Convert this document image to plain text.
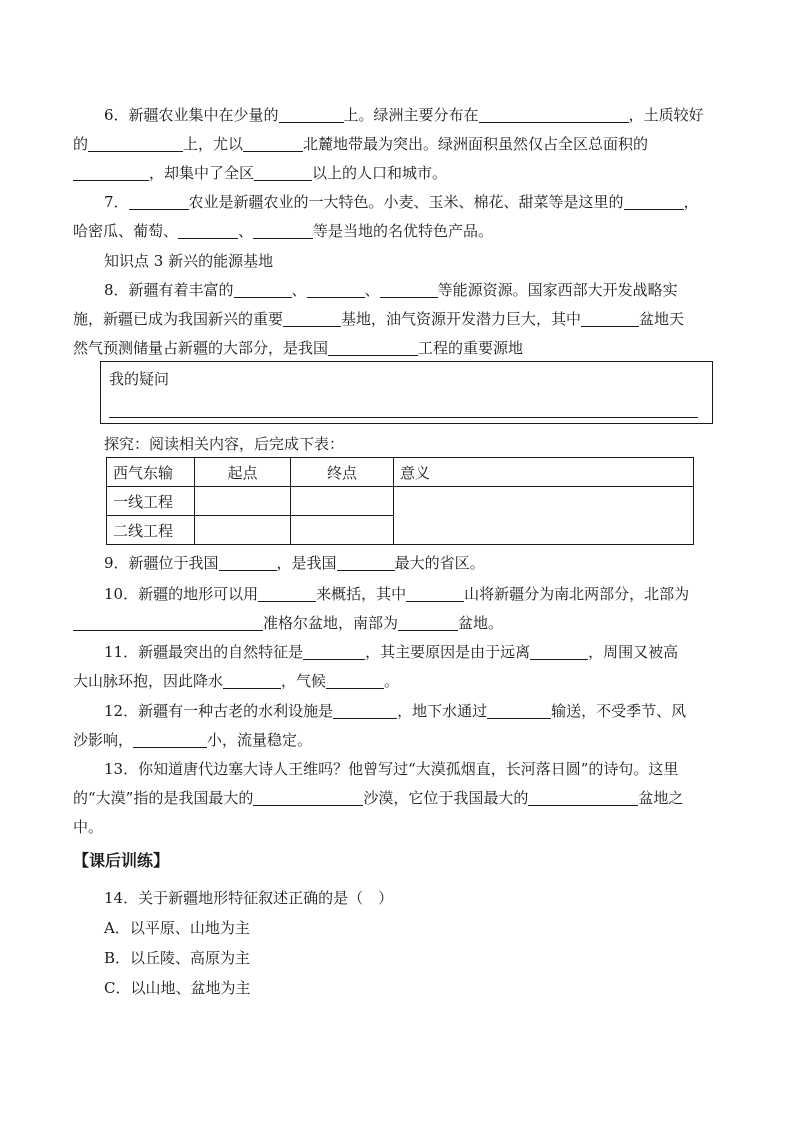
6．新疆农业集中在少量的	上。绿洲主要分布在	，土质较好
的	上，尤以	北麓地带最为突出。绿洲面积虽然仅占全区总面积的
，却集中了全区	以上的人口和城市。
7．	农业是新疆农业的一大特色。小麦、玉米、棉花、甜菜等是这里的	，
哈密瓜、葡萄、	、	等是当地的名优特色产品。
知识点 3 新兴的能源基地
8．新疆有着丰富的	、	、	等能源资源。国家西部大开发战略实
施，新疆已成为我国新兴的重要	基地，油气资源开发潜力巨大，其中	盆地天
然气预测储量占新疆的大部分，是我国	工程的重要源地
我的疑问
探究：阅读相关内容，后完成下表：
西气东输	起点	终点	意义
一线工程			
二线工程			
9．新疆位于我国	，是我国	最大的省区。
10．新疆的地形可以用	来概括，其中	山将新疆分为南北两部分，北部为
准格尔盆地，南部为	盆地。
11．新疆最突出的自然特征是	，其主要原因是由于远离	，周围又被高
大山脉环抱，因此降水	，气候	。
12．新疆有一种古老的水利设施是	，地下水通过	输送，不受季节、风
沙影响，	小，流量稳定。
13．你知道唐代边塞大诗人王维吗？他曾写过“大漠孤烟直，长河落日圆”的诗句。这里
的“大漠”指的是我国最大的	沙漠，它位于我国最大的	盆地之
中。
【课后训练】
14．关于新疆地形特征叙述正确的是（　）
A．以平原、山地为主
B．以丘陵、高原为主
C．以山地、盆地为主
